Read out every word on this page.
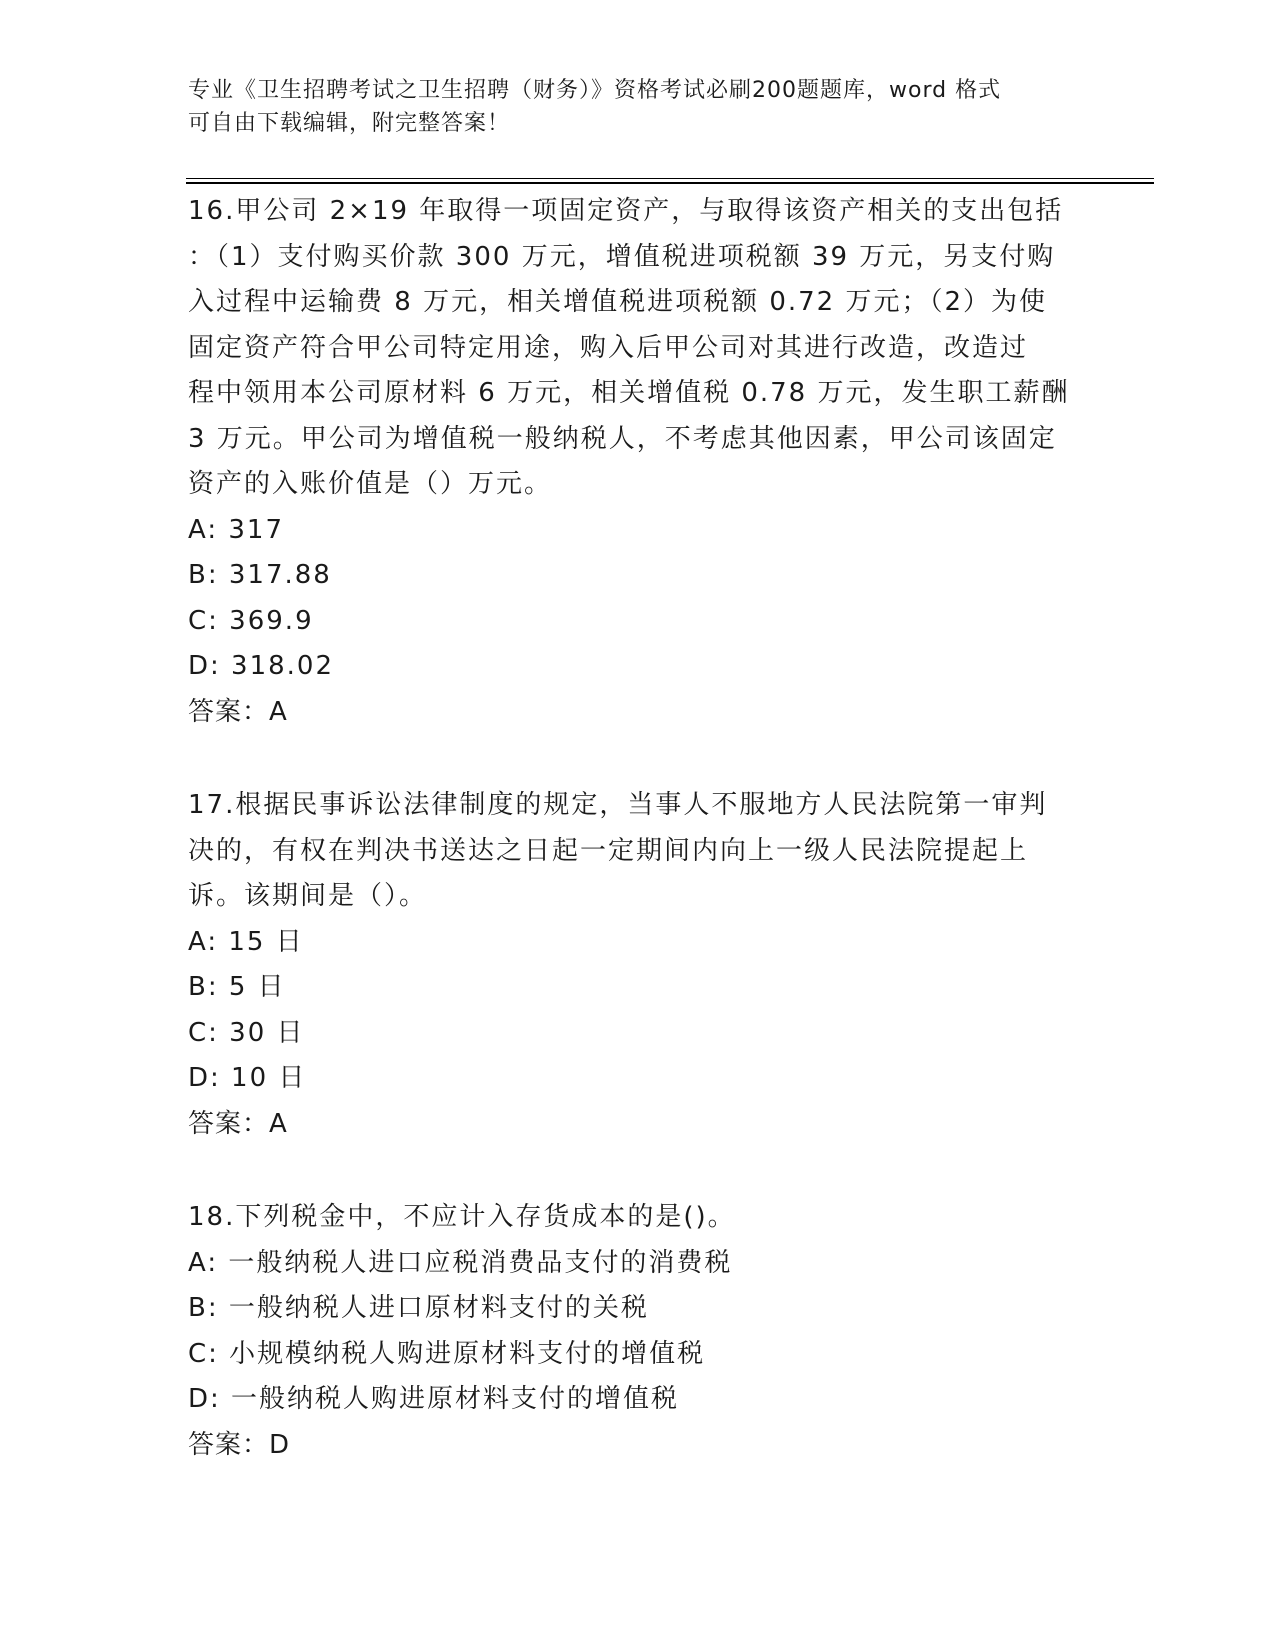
专业《卫生招聘考试之卫生招聘（财务）》资格考试必刷200题题库，word 格式
可自由下载编辑，附完整答案！
16.甲公司 2×19 年取得一项固定资产，与取得该资产相关的支出包括
：（1）支付购买价款 300 万元，增值税进项税额 39 万元，另支付购
入过程中运输费 8 万元，相关增值税进项税额 0.72 万元；（2）为使
固定资产符合甲公司特定用途，购入后甲公司对其进行改造，改造过
程中领用本公司原材料 6 万元，相关增值税 0.78 万元，发生职工薪酬
3 万元。甲公司为增值税一般纳税人，不考虑其他因素，甲公司该固定
资产的入账价值是（）万元。
A: 317
B: 317.88
C: 369.9
D: 318.02
答案：A
17.根据民事诉讼法律制度的规定，当事人不服地方人民法院第一审判
决的，有权在判决书送达之日起一定期间内向上一级人民法院提起上
诉。该期间是（）。
A: 15 日
B: 5 日
C: 30 日
D: 10 日
答案：A
18.下列税金中，不应计入存货成本的是()。
A: 一般纳税人进口应税消费品支付的消费税
B: 一般纳税人进口原材料支付的关税
C: 小规模纳税人购进原材料支付的增值税
D: 一般纳税人购进原材料支付的增值税
答案：D
